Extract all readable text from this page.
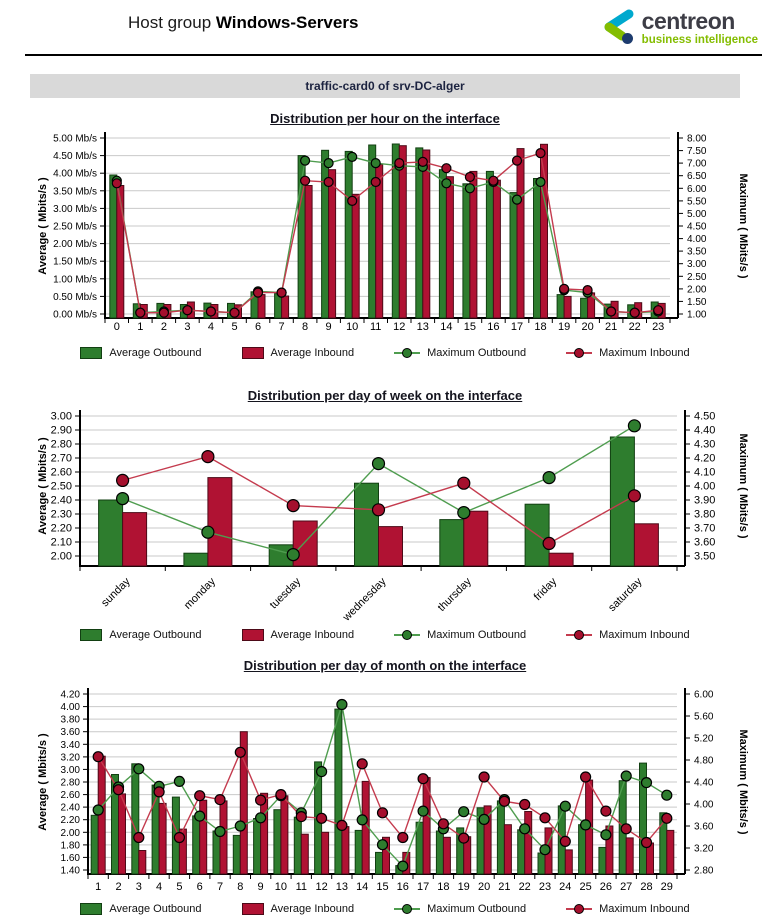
Host group Windows-Servers	centreon
business intelligence
traffic-card0 of srv-DC-alger
Distribution per hour on the interface
0.00 Mb/s
0.50 Mb/s
1.00 Mb/s
1.50 Mb/s
2.00 Mb/s
2.50 Mb/s
3.00 Mb/s
3.50 Mb/s
4.00 Mb/s
4.50 Mb/s
5.00 Mb/s
Average ( Mbits/s )
1.00
1.50
2.00
2.50
3.00
3.50
4.00
4.50
5.00
5.50
6.00
6.50
7.00
7.50
8.00
Maximum ( Mbits/s )
0 1 2 3 4 5 6 7 8 9 10 11 12 13 14 15 16 17 18 19 20 21 22 23
Average Outbound	Average Inbound	Maximum Outbound	Maximum Inbound
Distribution per day of week on the interface
2.00
2.10
2.20
2.30
2.40
2.50
2.60
2.70
2.80
2.90
3.00
Average ( Mbits/s )
3.50
3.60
3.70
3.80
3.90
4.00
4.10
4.20
4.30
4.40
4.50
Maximum ( Mbits/s )
sunday	monday	tuesday	wednesday	thursday	friday	saturday
Average Outbound	Average Inbound	Maximum Outbound	Maximum Inbound
Distribution per day of month on the interface
1.40
1.60
1.80
2.00
2.20
2.40
2.60
2.80
3.00
3.20
3.40
3.60
3.80
4.00
4.20
Average ( Mbits/s )
2.80
3.20
3.60
4.00
4.40
4.80
5.20
5.60
6.00
Maximum ( Mbits/s )
1 2 3 4 5 6 7 8 9 10 11 12 13 14 15 16 17 18 19 20 21 22 23 24 25 26 27 28 29
Average Outbound	Average Inbound	Maximum Outbound	Maximum Inbound
